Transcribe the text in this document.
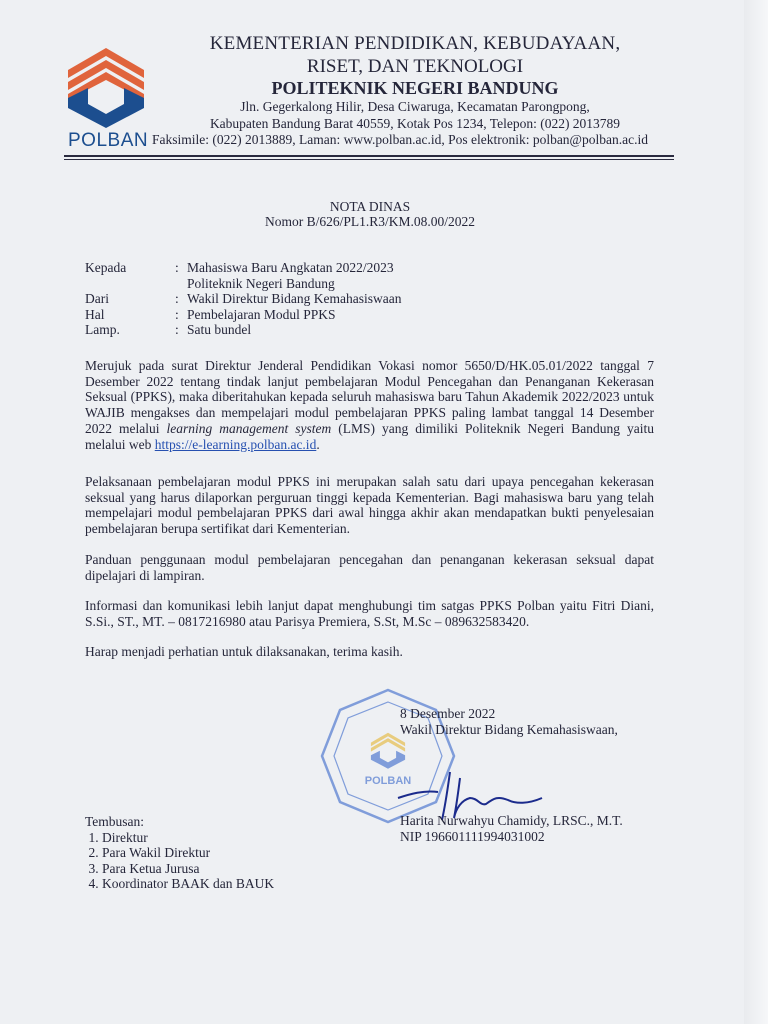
POLBAN
KEMENTERIAN PENDIDIKAN, KEBUDAYAAN,
RISET, DAN TEKNOLOGI
POLITEKNIK NEGERI BANDUNG
Jln. Gegerkalong Hilir, Desa Ciwaruga, Kecamatan Parongpong,
Kabupaten Bandung Barat 40559, Kotak Pos 1234, Telepon: (022) 2013789
Faksimile: (022) 2013889, Laman: www.polban.ac.id, Pos elektronik: polban@polban.ac.id
NOTA DINAS
Nomor B/626/PL1.R3/KM.08.00/2022
Kepada	: Mahasiswa Baru Angkatan 2022/2023
Politeknik Negeri Bandung
Dari	: Wakil Direktur Bidang Kemahasiswaan
Hal	: Pembelajaran Modul PPKS
Lamp.	: Satu bundel

Merujuk pada surat Direktur Jenderal Pendidikan Vokasi nomor 5650/D/HK.05.01/2022 tanggal 7 Desember 2022 tentang tindak lanjut pembelajaran Modul Pencegahan dan Penanganan Kekerasan Seksual (PPKS), maka diberitahukan kepada seluruh mahasiswa baru Tahun Akademik 2022/2023 untuk WAJIB mengakses dan mempelajari modul pembelajaran PPKS paling lambat tanggal 14 Desember 2022 melalui learning management system (LMS) yang dimiliki Politeknik Negeri Bandung yaitu melalui web https://e-learning.polban.ac.id.

Pelaksanaan pembelajaran modul PPKS ini merupakan salah satu dari upaya pencegahan kekerasan seksual yang harus dilaporkan perguruan tinggi kepada Kementerian. Bagi mahasiswa baru yang telah mempelajari modul pembelajaran PPKS dari awal hingga akhir akan mendapatkan bukti penyelesaian pembelajaran berupa sertifikat dari Kementerian.

Panduan penggunaan modul pembelajaran pencegahan dan penanganan kekerasan seksual dapat dipelajari di lampiran.

Informasi dan komunikasi lebih lanjut dapat menghubungi tim satgas PPKS Polban yaitu Fitri Diani, S.Si., ST., MT. – 0817216980 atau Parisya Premiera, S.St, M.Sc – 089632583420.

Harap menjadi perhatian untuk dilaksanakan, terima kasih.

POLBAN
8 Desember 2022
Wakil Direktur Bidang Kemahasiswaan,
Harita Nurwahyu Chamidy, LRSC., M.T.
NIP 196601111994031002
Tembusan:
1. Direktur
2. Para Wakil Direktur
3. Para Ketua Jurusa
4. Koordinator BAAK dan BAUK
